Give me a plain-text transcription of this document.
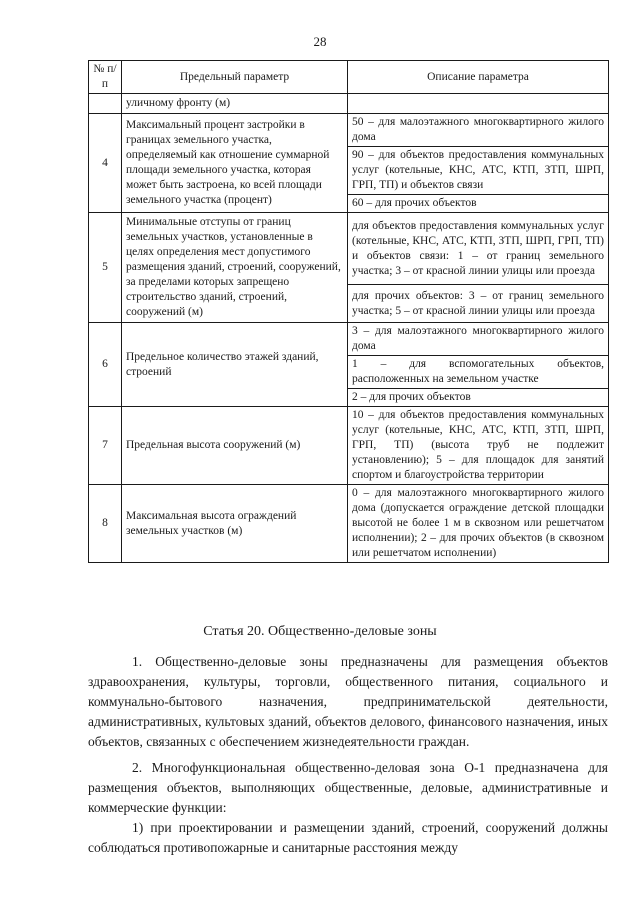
28
№ п/п	Предельный параметр	Описание параметра
	уличному фронту (м)	
4	Максимальный процент застройки в границах земельного участка, определяемый как отношение суммарной площади земельного участка, которая может быть застроена, ко всей площади земельного участка (процент)	50 – для малоэтажного многоквартирного жилого дома
		90 – для объектов предоставления коммунальных услуг (котельные, КНС, АТС, КТП, ЗТП, ШРП, ГРП, ТП) и объектов связи
		60 – для прочих объектов
5	Минимальные отступы от границ земельных участков, установленные в целях определения мест допустимого размещения зданий, строений, сооружений, за пределами которых запрещено строительство зданий, строений, сооружений (м)	для объектов предоставления коммунальных услуг (котельные, КНС, АТС, КТП, ЗТП, ШРП, ГРП, ТП) и объектов связи: 1 – от границ земельного участка; 3 – от красной линии улицы или проезда
		для прочих объектов: 3 – от границ земельного участка; 5 – от красной линии улицы или проезда
6	Предельное количество этажей зданий, строений	3 – для малоэтажного многоквартирного жилого дома
		1 – для вспомогательных объектов, расположенных на земельном участке
		2 – для прочих объектов
7	Предельная высота сооружений (м)	10 – для объектов предоставления коммунальных услуг (котельные, КНС, АТС, КТП, ЗТП, ШРП, ГРП, ТП) (высота труб не подлежит установлению); 5 – для площадок для занятий спортом и благоустройства территории
8	Максимальная высота ограждений земельных участков (м)	0 – для малоэтажного многоквартирного жилого дома (допускается ограждение детской площадки высотой не более 1 м в сквозном или решетчатом исполнении); 2 – для прочих объектов (в сквозном или решетчатом исполнении)
Статья 20. Общественно-деловые зоны

1. Общественно-деловые зоны предназначены для размещения объектов здравоохранения, культуры, торговли, общественного питания, социального и коммунально-бытового назначения, предпринимательской деятельности, административных, культовых зданий, объектов делового, финансового назначения, иных объектов, связанных с обеспечением жизнедеятельности граждан.

2. Многофункциональная общественно-деловая зона О-1 предназначена для размещения объектов, выполняющих общественные, деловые, административные и коммерческие функции:

1) при проектировании и размещении зданий, строений, сооружений должны соблюдаться противопожарные и санитарные расстояния между
